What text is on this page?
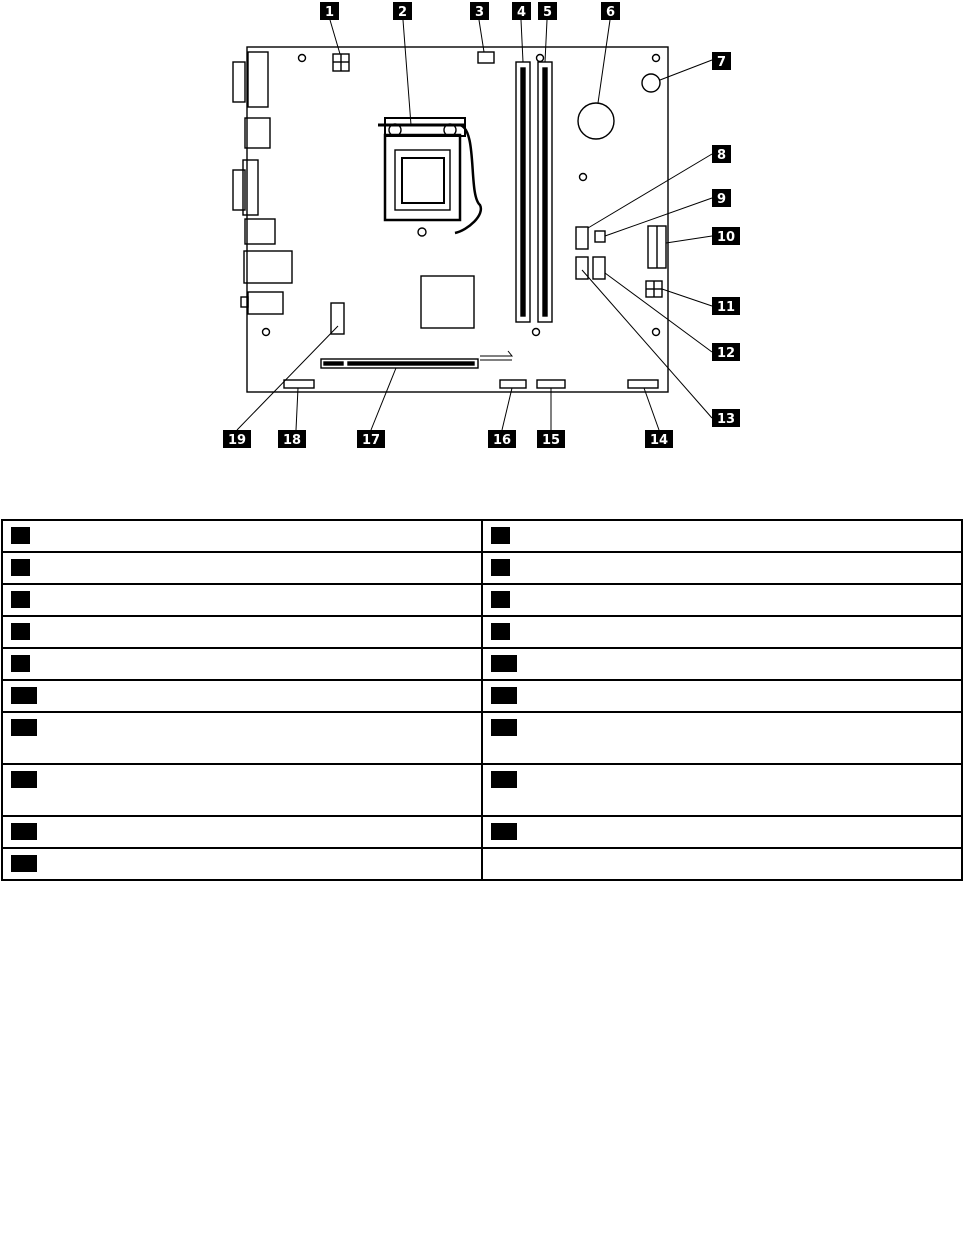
1	2	3	4 5	6
7
8
9
10
11
12
13
14
15
16
17
18
19
1	6
2	7
3	8
4	9
5	10
11	16
12	17
13	18
14	19
15	
